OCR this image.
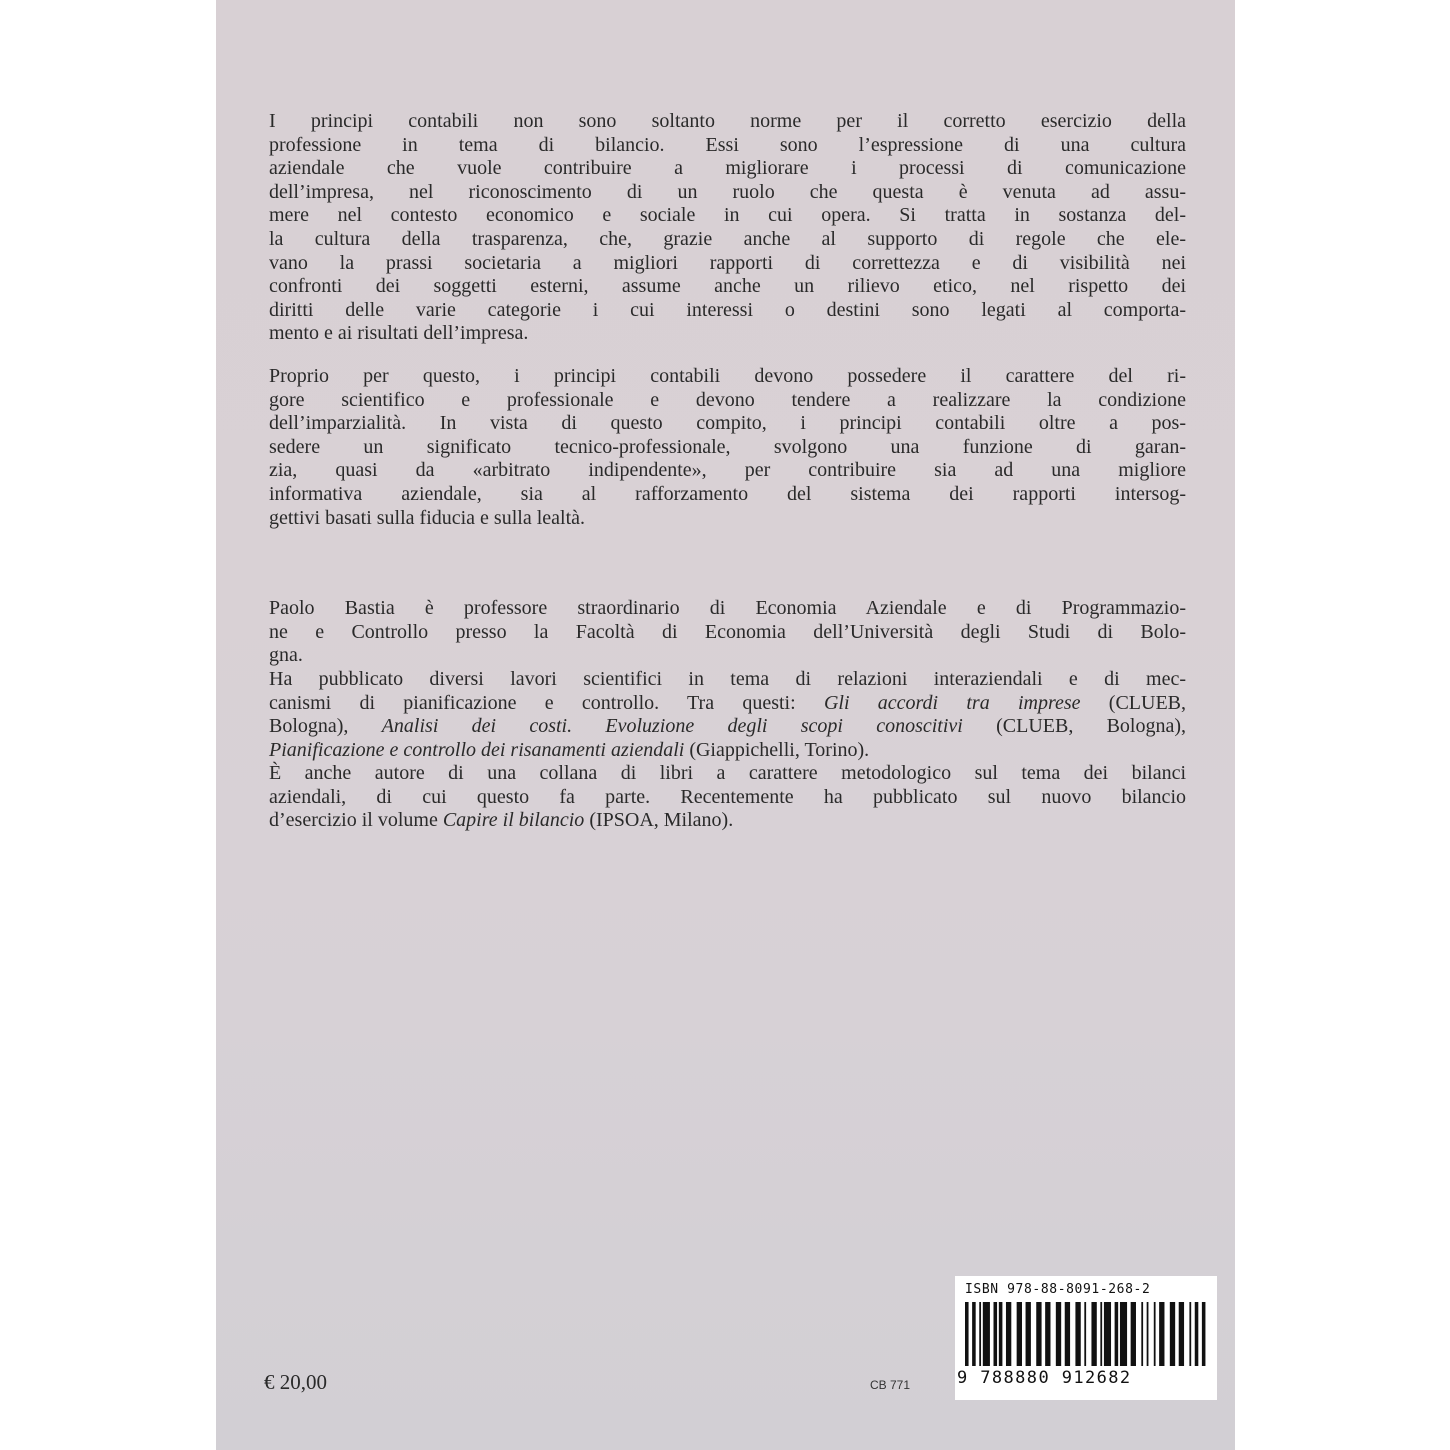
I principi contabili non sono soltanto norme per il corretto esercizio della
professione in tema di bilancio. Essi sono l’espressione di una cultura
aziendale che vuole contribuire a migliorare i processi di comunicazione
dell’impresa, nel riconoscimento di un ruolo che questa è venuta ad assu-
mere nel contesto economico e sociale in cui opera. Si tratta in sostanza del-
la cultura della trasparenza, che, grazie anche al supporto di regole che ele-
vano la prassi societaria a migliori rapporti di correttezza e di visibilità nei
confronti dei soggetti esterni, assume anche un rilievo etico, nel rispetto dei
diritti delle varie categorie i cui interessi o destini sono legati al comporta-
mento e ai risultati dell’impresa.

Proprio per questo, i principi contabili devono possedere il carattere del ri-
gore scientifico e professionale e devono tendere a realizzare la condizione
dell’imparzialità. In vista di questo compito, i principi contabili oltre a pos-
sedere un significato tecnico-professionale, svolgono una funzione di garan-
zia, quasi da «arbitrato indipendente», per contribuire sia ad una migliore
informativa aziendale, sia al rafforzamento del sistema dei rapporti intersog-
gettivi basati sulla fiducia e sulla lealtà.

Paolo Bastia è professore straordinario di Economia Aziendale e di Programmazio-
ne e Controllo presso la Facoltà di Economia dell’Università degli Studi di Bolo-
gna.

Ha pubblicato diversi lavori scientifici in tema di relazioni interaziendali e di mec-
canismi di pianificazione e controllo. Tra questi: Gli accordi tra imprese (CLUEB,
Bologna), Analisi dei costi. Evoluzione degli scopi conoscitivi (CLUEB, Bologna),
Pianificazione e controllo dei risanamenti aziendali (Giappichelli, Torino).

È anche autore di una collana di libri a carattere metodologico sul tema dei bilanci
aziendali, di cui questo fa parte. Recentemente ha pubblicato sul nuovo bilancio
d’esercizio il volume Capire il bilancio (IPSOA, Milano).

€ 20,00	CB 771
ISBN 978-88-8091-268-2
9 788880 912682
